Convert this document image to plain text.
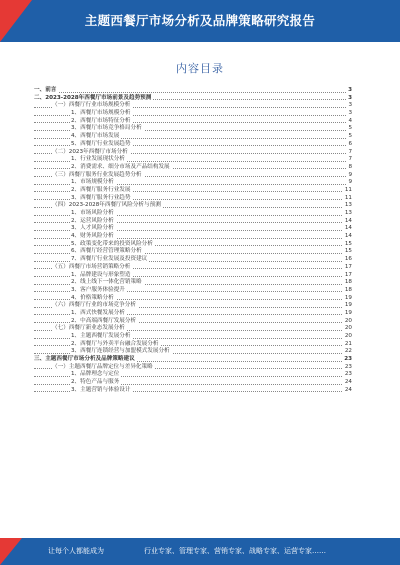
主题西餐厅市场分析及品牌策略研究报告
内容目录
一、前言	3
二、2023-2028年西餐厅市场前景及趋势预测	3
（一）西餐厅行业市场规模分析	3
1、西餐厅市场规模分析	3
2、西餐厅市场特征分析	4
3、西餐厅市场竞争格局分析	5
4、西餐厅市场发展	5
5、西餐厅行业发展趋势	6
（二）2023年西餐厅市场分析	7
1、行业发展现状分析	7
2、消费需求、细分市场及产品结构发展	8
（三）西餐厅服务行业发展趋势分析	9
1、市场规模分析	9
2、西餐厅服务行业发展	11
3、西餐厅服务行业趋势	11
（四）2023-2028年西餐厅风险分析与预测	13
1、市场风险分析	13
2、运营风险分析	14
3、人才风险分析	14
4、财务风险分析	14
5、政策变化带来的投资风险分析	15
6、西餐厅经营管理策略分析	15
7、西餐厅行业发展及投资建议	16
（五）西餐厅市场营销策略分析	17
1、品牌建设与形象塑造	17
2、线上线下一体化营销策略	18
3、客户服务体验提升	18
4、价格策略分析	19
（六）西餐厅行业的市场竞争分析	19
1、西式快餐发展分析	19
2、中高端西餐厅发展分析	20
（七）西餐厅新业态发展分析	20
1、主题西餐厅发展分析	20
2、西餐厅与外卖平台融合发展分析	21
3、西餐厅连锁经营与加盟模式发展分析	22
三、主题西餐厅市场分析及品牌策略建议	23
（一）主题西餐厅品牌定位与差异化策略	23
1、品牌理念与定位	23
2、特色产品与服务	24
3、主题营销与体验设计	24
让每个人都能成为	行业专家、管理专家、营销专家、战略专家、运营专家……
